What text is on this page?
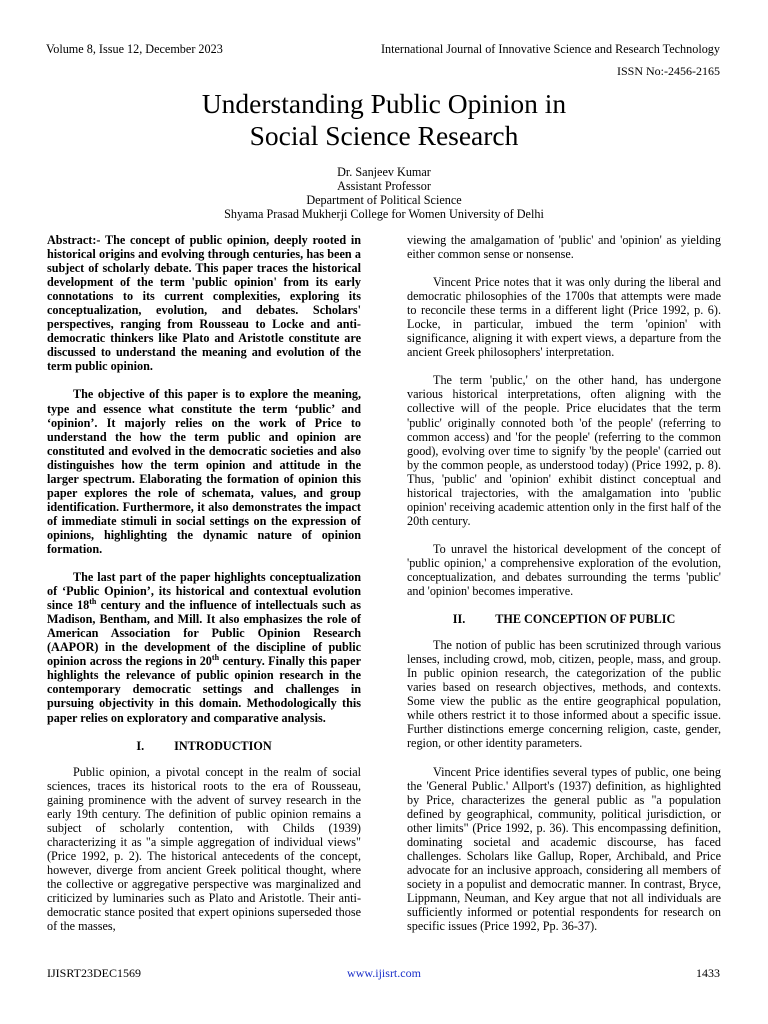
Volume 8, Issue 12, December 2023	International Journal of Innovative Science and Research Technology
ISSN No:-2456-2165
Understanding Public Opinion in
Social Science Research
Dr. Sanjeev Kumar
Assistant Professor
Department of Political Science
Shyama Prasad Mukherji College for Women University of Delhi

Abstract:- The concept of public opinion, deeply rooted in historical origins and evolving through centuries, has been a subject of scholarly debate. This paper traces the historical development of the term 'public opinion' from its early connotations to its current complexities, exploring its conceptualization, evolution, and debates. Scholars' perspectives, ranging from Rousseau to Locke and anti-democratic thinkers like Plato and Aristotle constitute are discussed to understand the meaning and evolution of the term public opinion.

The objective of this paper is to explore the meaning, type and essence what constitute the term ‘public’ and ‘opinion’. It majorly relies on the work of Price to understand the how the term public and opinion are constituted and evolved in the democratic societies and also distinguishes how the term opinion and attitude in the larger spectrum. Elaborating the formation of opinion this paper explores the role of schemata, values, and group identification. Furthermore, it also demonstrates the impact of immediate stimuli in social settings on the expression of opinions, highlighting the dynamic nature of opinion formation.

The last part of the paper highlights conceptualization of ‘Public Opinion’, its historical and contextual evolution since 18th century and the influence of intellectuals such as Madison, Bentham, and Mill. It also emphasizes the role of American Association for Public Opinion Research (AAPOR) in the development of the discipline of public opinion across the regions in 20th century. Finally this paper highlights the relevance of public opinion research in the contemporary democratic settings and challenges in pursuing objectivity in this domain. Methodologically this paper relies on exploratory and comparative analysis.

I. INTRODUCTION

Public opinion, a pivotal concept in the realm of social sciences, traces its historical roots to the era of Rousseau, gaining prominence with the advent of survey research in the early 19th century. The definition of public opinion remains a subject of scholarly contention, with Childs (1939) characterizing it as "a simple aggregation of individual views" (Price 1992, p. 2). The historical antecedents of the concept, however, diverge from ancient Greek political thought, where the collective or aggregative perspective was marginalized and criticized by luminaries such as Plato and Aristotle. Their anti-democratic stance posited that expert opinions superseded those of the masses,

viewing the amalgamation of 'public' and 'opinion' as yielding either common sense or nonsense.

Vincent Price notes that it was only during the liberal and democratic philosophies of the 1700s that attempts were made to reconcile these terms in a different light (Price 1992, p. 6). Locke, in particular, imbued the term 'opinion' with significance, aligning it with expert views, a departure from the ancient Greek philosophers' interpretation.

The term 'public,' on the other hand, has undergone various historical interpretations, often aligning with the collective will of the people. Price elucidates that the term 'public' originally connoted both 'of the people' (referring to common access) and 'for the people' (referring to the common good), evolving over time to signify 'by the people' (carried out by the common people, as understood today) (Price 1992, p. 8). Thus, 'public' and 'opinion' exhibit distinct conceptual and historical trajectories, with the amalgamation into 'public opinion' receiving academic attention only in the first half of the 20th century.

To unravel the historical development of the concept of 'public opinion,' a comprehensive exploration of the evolution, conceptualization, and debates surrounding the terms 'public' and 'opinion' becomes imperative.

II. THE CONCEPTION OF PUBLIC

The notion of public has been scrutinized through various lenses, including crowd, mob, citizen, people, mass, and group. In public opinion research, the categorization of the public varies based on research objectives, methods, and contexts. Some view the public as the entire geographical population, while others restrict it to those informed about a specific issue. Further distinctions emerge concerning religion, caste, gender, region, or other identity parameters.

Vincent Price identifies several types of public, one being the 'General Public.' Allport's (1937) definition, as highlighted by Price, characterizes the general public as "a population defined by geographical, community, political jurisdiction, or other limits" (Price 1992, p. 36). This encompassing definition, dominating societal and academic discourse, has faced challenges. Scholars like Gallup, Roper, Archibald, and Price advocate for an inclusive approach, considering all members of society in a populist and democratic manner. In contrast, Bryce, Lippmann, Neuman, and Key argue that not all individuals are sufficiently informed or potential respondents for research on specific issues (Price 1992, Pp. 36-37).

IJISRT23DEC1569	www.ijisrt.com	1433
